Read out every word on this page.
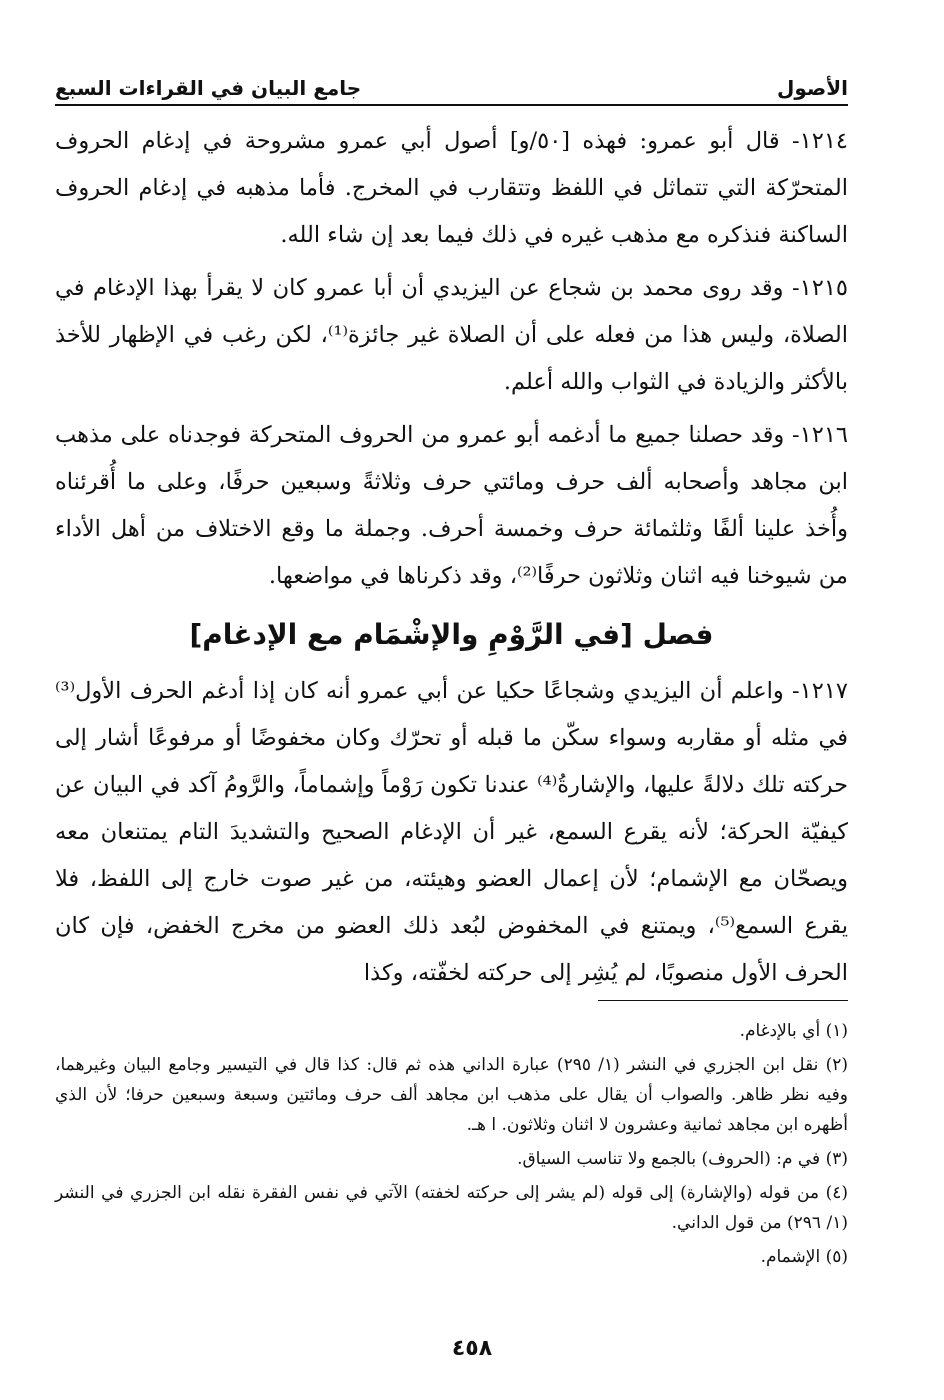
الأصول
جامع البيان في القراءات السبع

١٢١٤- قال أبو عمرو: فهذه [٥٠/و] أصول أبي عمرو مشروحة في إدغام الحروف المتحرّكة التي تتماثل في اللفظ وتتقارب في المخرج. فأما مذهبه في إدغام الحروف الساكنة فنذكره مع مذهب غيره في ذلك فيما بعد إن شاء الله.

١٢١٥- وقد روى محمد بن شجاع عن اليزيدي أن أبا عمرو كان لا يقرأ بهذا الإدغام في الصلاة، وليس هذا من فعله على أن الصلاة غير جائزة⁽¹⁾، لكن رغب في الإظهار للأخذ بالأكثر والزيادة في الثواب والله أعلم.

١٢١٦- وقد حصلنا جميع ما أدغمه أبو عمرو من الحروف المتحركة فوجدناه على مذهب ابن مجاهد وأصحابه ألف حرف ومائتي حرف وثلاثةً وسبعين حرفًا، وعلى ما أُقرئناه وأُخذ علينا ألفًا وثلثمائة حرف وخمسة أحرف. وجملة ما وقع الاختلاف من أهل الأداء من شيوخنا فيه اثنان وثلاثون حرفًا⁽²⁾، وقد ذكرناها في مواضعها.

فصل [في الرَّوْمِ والإشْمَام مع الإدغام]

١٢١٧- واعلم أن اليزيدي وشجاعًا حكيا عن أبي عمرو أنه كان إذا أدغم الحرف الأول⁽³⁾ في مثله أو مقاربه وسواء سكّن ما قبله أو تحرّك وكان مخفوضًا أو مرفوعًا أشار إلى حركته تلك دلالةً عليها، والإشارةُ⁽⁴⁾ عندنا تكون رَوْماً وإشماماً، والرَّومُ آكد في البيان عن كيفيّة الحركة؛ لأنه يقرع السمع، غير أن الإدغام الصحيح والتشديدَ التام يمتنعان معه ويصحّان مع الإشمام؛ لأن إعمال العضو وهيئته، من غير صوت خارج إلى اللفظ، فلا يقرع السمع⁽⁵⁾، ويمتنع في المخفوض لبُعد ذلك العضو من مخرج الخفض، فإن كان الحرف الأول منصوبًا، لم يُشِر إلى حركته لخفّته، وكذا

(١) أي بالإدغام.

(٢) نقل ابن الجزري في النشر (١/ ٢٩٥) عبارة الداني هذه ثم قال: كذا قال في التيسير وجامع البيان وغيرهما، وفيه نظر ظاهر. والصواب أن يقال على مذهب ابن مجاهد ألف حرف ومائتين وسبعة وسبعين حرفا؛ لأن الذي أظهره ابن مجاهد ثمانية وعشرون لا اثنان وثلاثون. ا هـ.

(٣) في م: (الحروف) بالجمع ولا تناسب السياق.

(٤) من قوله (والإشارة) إلى قوله (لم يشر إلى حركته لخفته) الآتي في نفس الفقرة نقله ابن الجزري في النشر (١/ ٢٩٦) من قول الداني.

(٥) الإشمام.

٤٥٨
